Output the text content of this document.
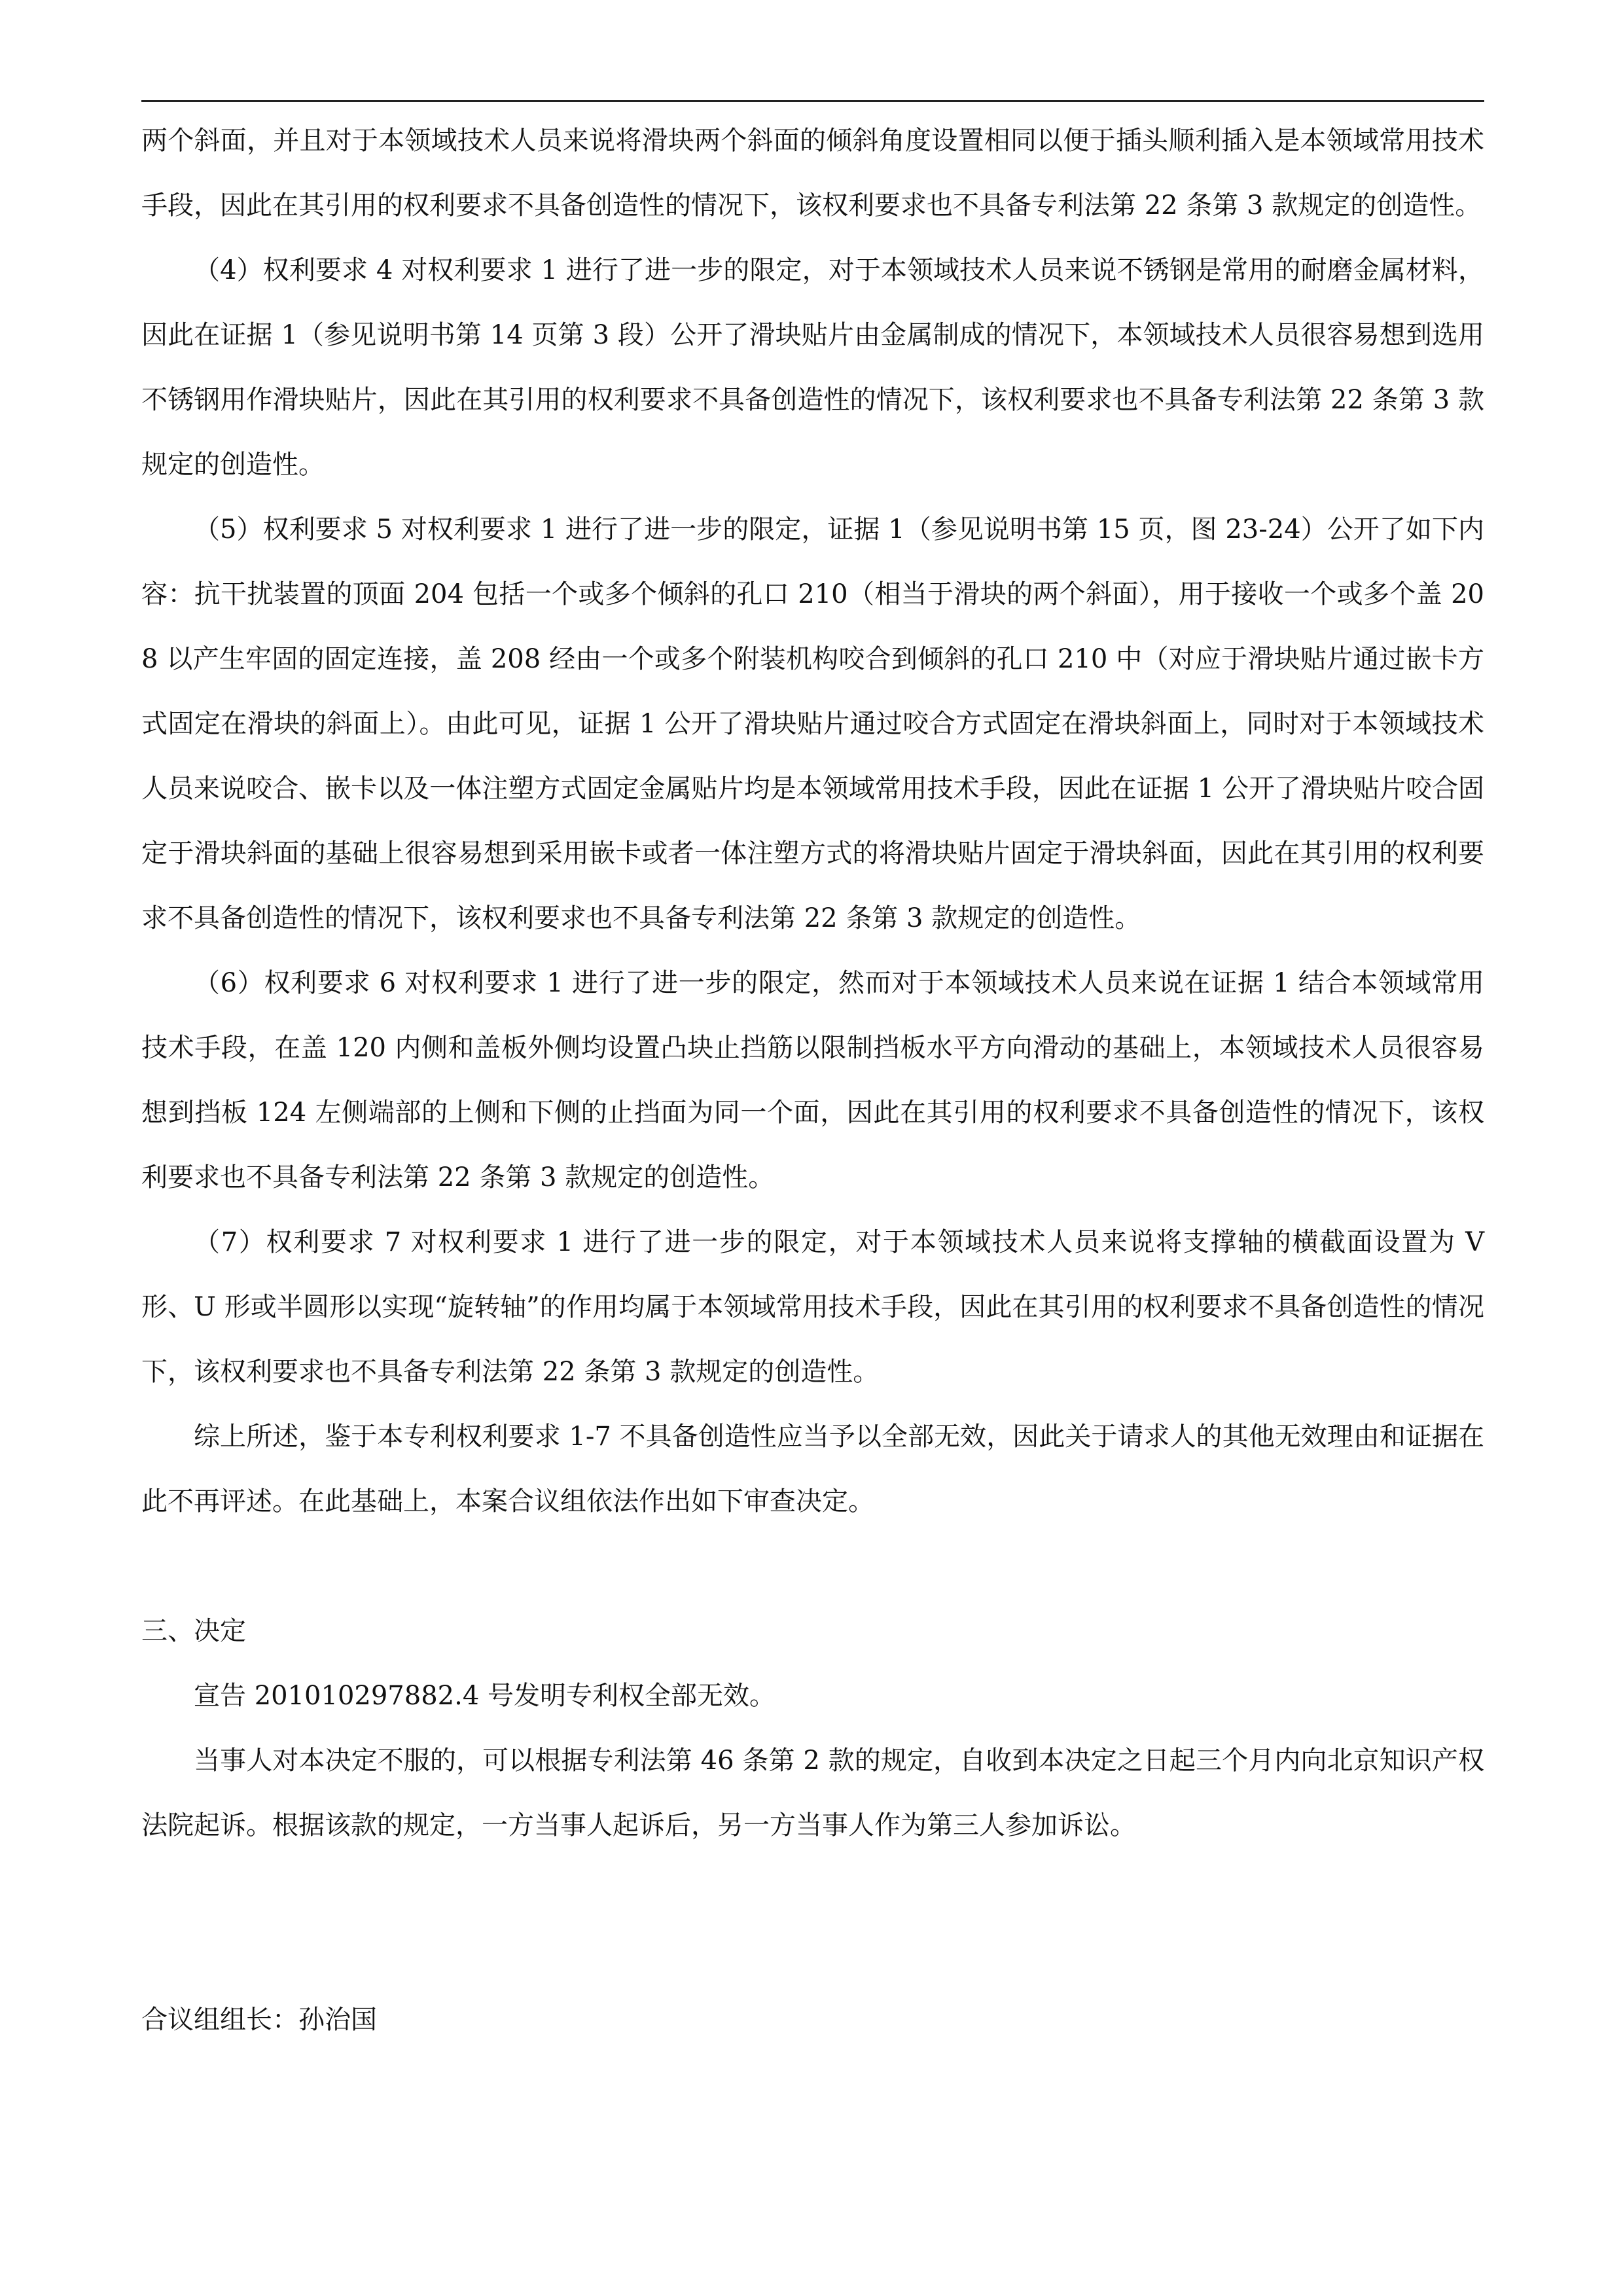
两个斜面，并且对于本领域技术人员来说将滑块两个斜面的倾斜角度设置相同以便于插头顺利插入是本领域常用技术手段，因此在其引用的权利要求不具备创造性的情况下，该权利要求也不具备专利法第 22 条第 3 款规定的创造性。

（4）权利要求 4 对权利要求 1 进行了进一步的限定，对于本领域技术人员来说不锈钢是常用的耐磨金属材料，因此在证据 1（参见说明书第 14 页第 3 段）公开了滑块贴片由金属制成的情况下，本领域技术人员很容易想到选用不锈钢用作滑块贴片，因此在其引用的权利要求不具备创造性的情况下，该权利要求也不具备专利法第 22 条第 3 款规定的创造性。

（5）权利要求 5 对权利要求 1 进行了进一步的限定，证据 1（参见说明书第 15 页，图 23-24）公开了如下内容：抗干扰装置的顶面 204 包括一个或多个倾斜的孔口 210（相当于滑块的两个斜面），用于接收一个或多个盖 208 以产生牢固的固定连接，盖 208 经由一个或多个附装机构咬合到倾斜的孔口 210 中（对应于滑块贴片通过嵌卡方式固定在滑块的斜面上）。由此可见，证据 1 公开了滑块贴片通过咬合方式固定在滑块斜面上，同时对于本领域技术人员来说咬合、嵌卡以及一体注塑方式固定金属贴片均是本领域常用技术手段，因此在证据 1 公开了滑块贴片咬合固定于滑块斜面的基础上很容易想到采用嵌卡或者一体注塑方式的将滑块贴片固定于滑块斜面，因此在其引用的权利要求不具备创造性的情况下，该权利要求也不具备专利法第 22 条第 3 款规定的创造性。

（6）权利要求 6 对权利要求 1 进行了进一步的限定，然而对于本领域技术人员来说在证据 1 结合本领域常用技术手段，在盖 120 内侧和盖板外侧均设置凸块止挡筋以限制挡板水平方向滑动的基础上，本领域技术人员很容易想到挡板 124 左侧端部的上侧和下侧的止挡面为同一个面，因此在其引用的权利要求不具备创造性的情况下，该权利要求也不具备专利法第 22 条第 3 款规定的创造性。

（7）权利要求 7 对权利要求 1 进行了进一步的限定，对于本领域技术人员来说将支撑轴的横截面设置为 V 形、U 形或半圆形以实现“旋转轴”的作用均属于本领域常用技术手段，因此在其引用的权利要求不具备创造性的情况下，该权利要求也不具备专利法第 22 条第 3 款规定的创造性。

综上所述，鉴于本专利权利要求 1-7 不具备创造性应当予以全部无效，因此关于请求人的其他无效理由和证据在此不再评述。在此基础上，本案合议组依法作出如下审查决定。

三、决定

宣告 201010297882.4 号发明专利权全部无效。

当事人对本决定不服的，可以根据专利法第 46 条第 2 款的规定，自收到本决定之日起三个月内向北京知识产权法院起诉。根据该款的规定，一方当事人起诉后，另一方当事人作为第三人参加诉讼。

合议组组长：孙治国
